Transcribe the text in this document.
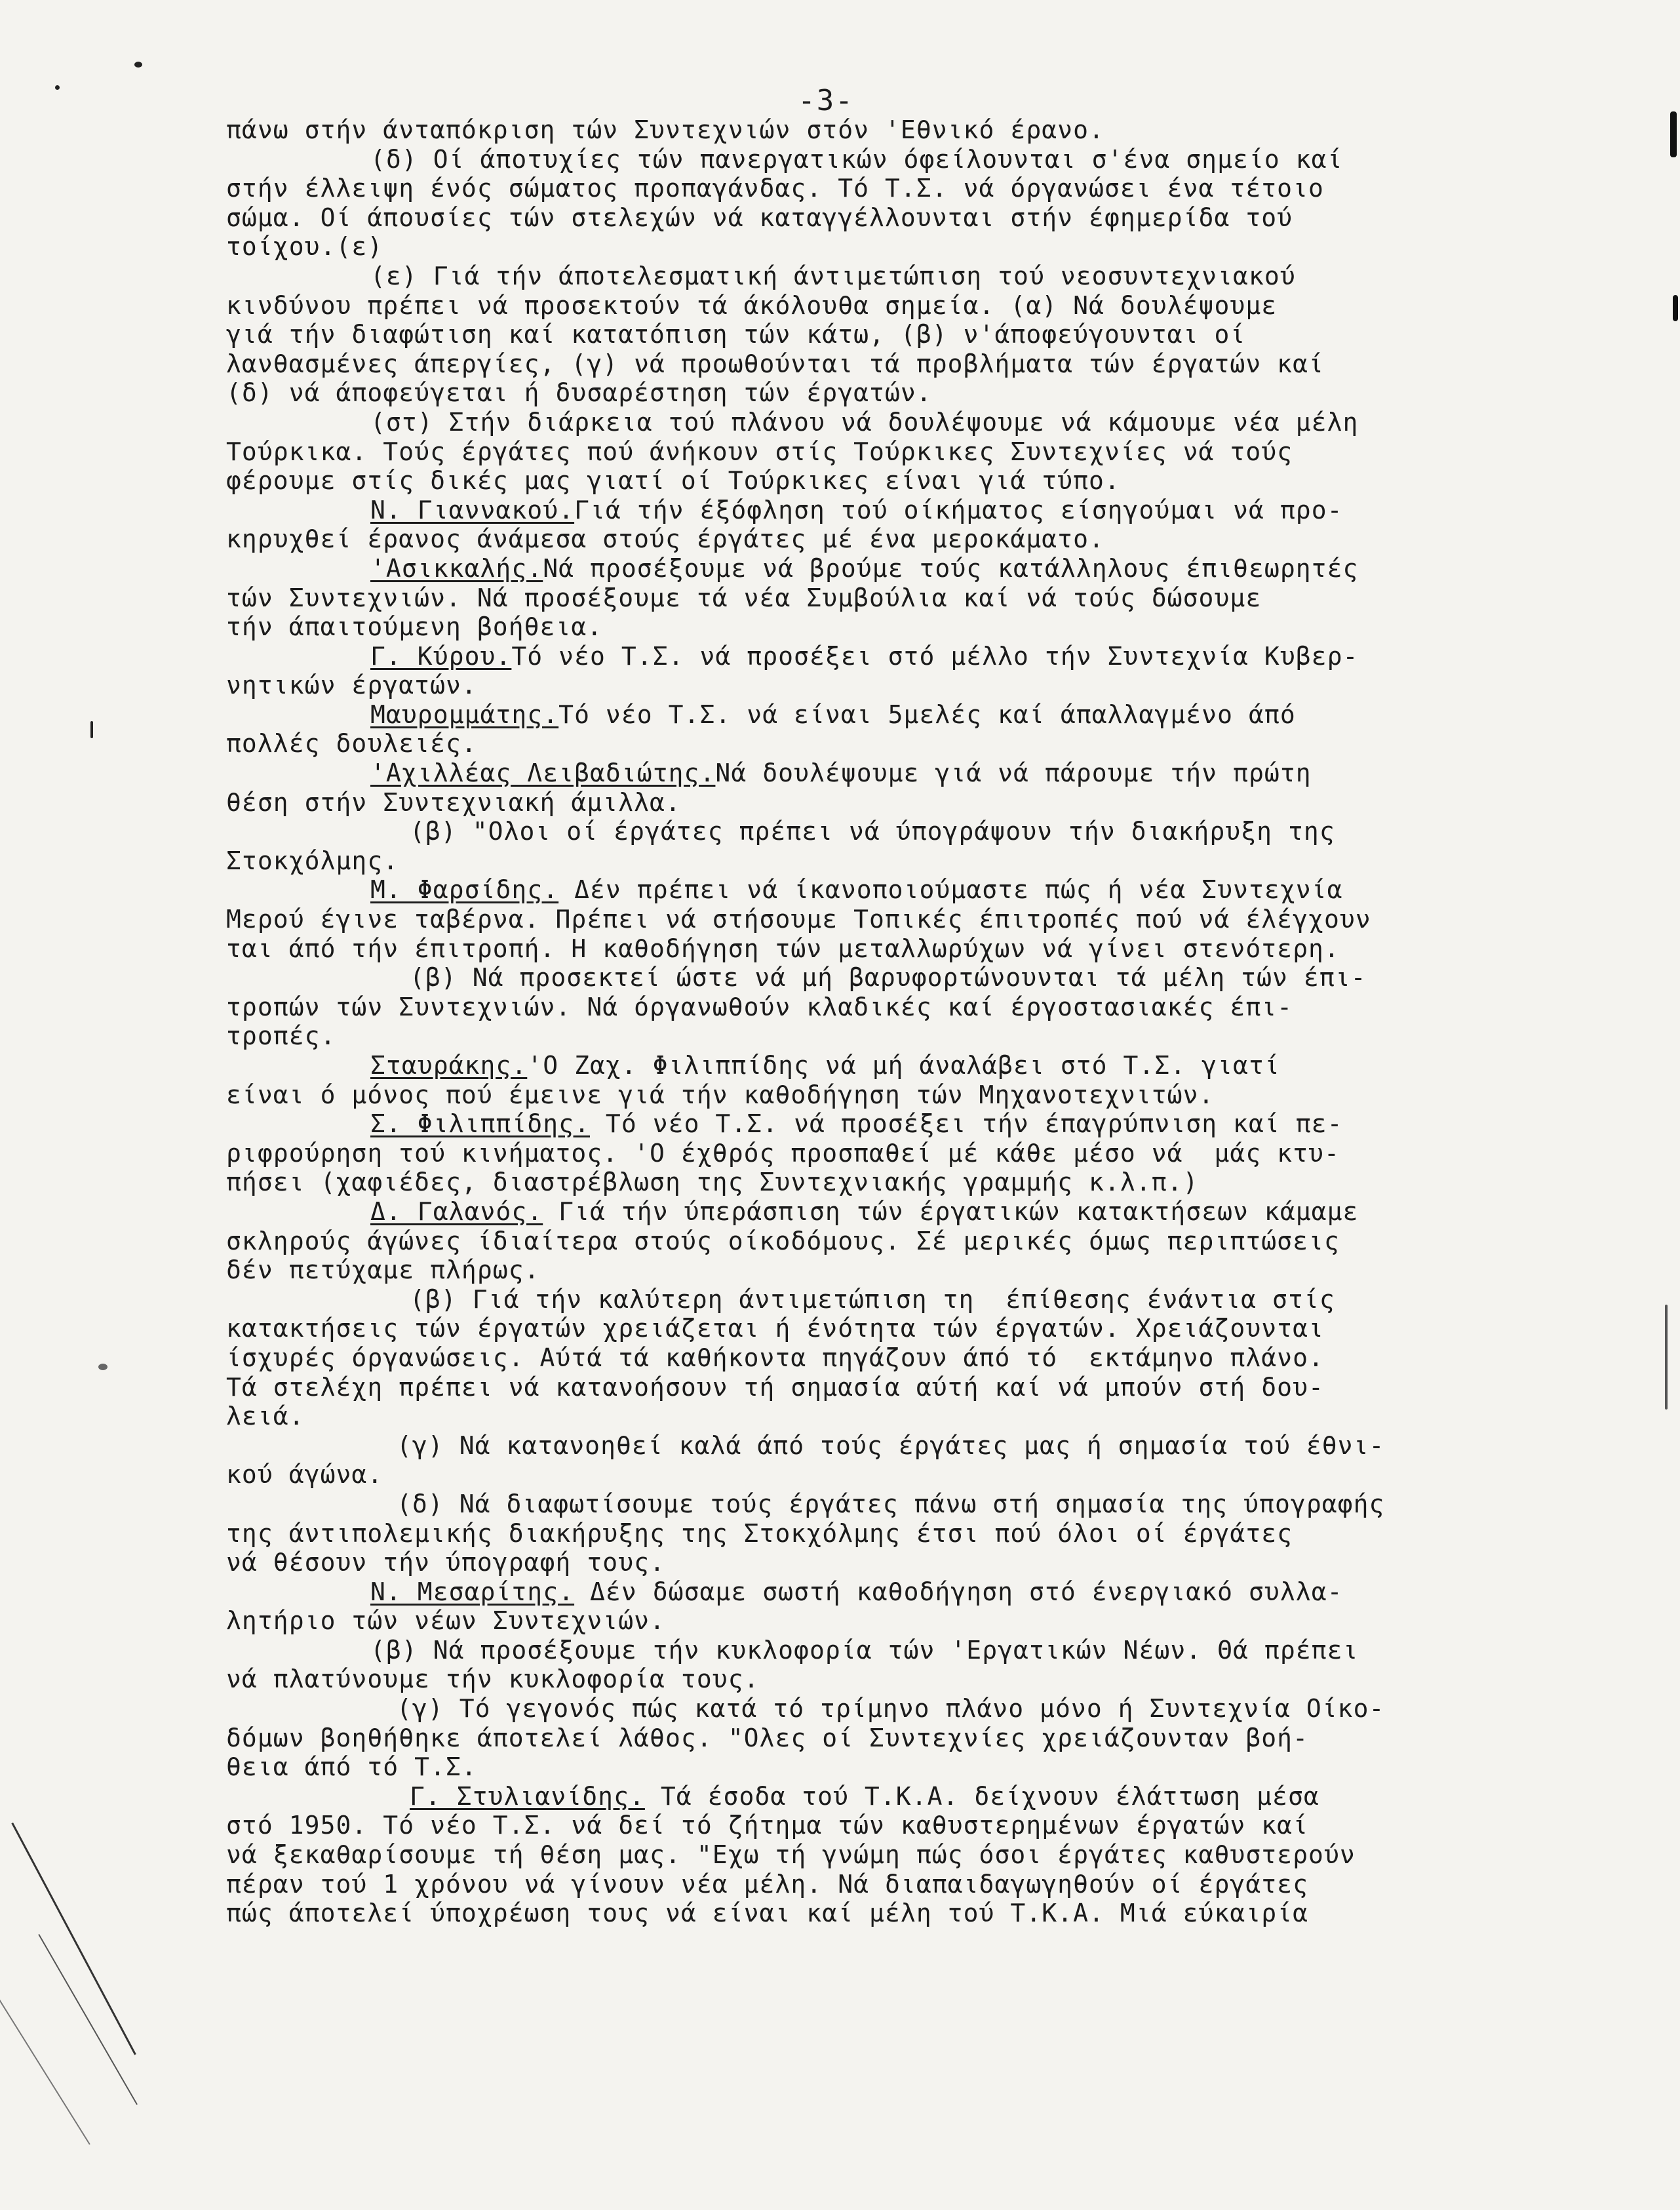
-3-
πάνω στήν άνταπόκριση τών Συντεχνιών στόν 'Εθνικό έρανο.
(δ) Οί άποτυχίες τών πανεργατικών όφείλουνται σ'ένα σημείο καί
στήν έλλειψη ένός σώματος προπαγάνδας. Τό Τ.Σ. νά όργανώσει ένα τέτοιο
σώμα. Οί άπουσίες τών στελεχών νά καταγγέλλουνται στήν έφημερίδα τού
τοίχου.(ε)
(ε) Γιά τήν άποτελεσματική άντιμετώπιση τού νεοσυντεχνιακού
κινδύνου πρέπει νά προσεκτούν τά άκόλουθα σημεία. (α) Νά δουλέψουμε
γιά τήν διαφώτιση καί κατατόπιση τών κάτω, (β) ν'άποφεύγουνται οί
λανθασμένες άπεργίες, (γ) νά προωθούνται τά προβλήματα τών έργατών καί
(δ) νά άποφεύγεται ή δυσαρέστηση τών έργατών.
(στ) Στήν διάρκεια τού πλάνου νά δουλέψουμε νά κάμουμε νέα μέλη
Τούρκικα. Τούς έργάτες πού άνήκουν στίς Τούρκικες Συντεχνίες νά τούς
φέρουμε στίς δικές μας γιατί οί Τούρκικες είναι γιά τύπο.
Ν. Γιαννακού.Γιά τήν έξόφληση τού οίκήματος είσηγούμαι νά προ-
κηρυχθεί έρανος άνάμεσα στούς έργάτες μέ ένα μεροκάματο.
'Ασικκαλής.Νά προσέξουμε νά βρούμε τούς κατάλληλους έπιθεωρητές
τών Συντεχνιών. Νά προσέξουμε τά νέα Συμβούλια καί νά τούς δώσουμε
τήν άπαιτούμενη βοήθεια.
Γ. Κύρου.Τό νέο Τ.Σ. νά προσέξει στό μέλλο τήν Συντεχνία Κυβερ-
νητικών έργατών.
Μαυρομμάτης.Τό νέο Τ.Σ. νά είναι 5μελές καί άπαλλαγμένο άπό
πολλές δουλειές.
'Αχιλλέας Λειβαδιώτης.Νά δουλέψουμε γιά νά πάρουμε τήν πρώτη
θέση στήν Συντεχνιακή άμιλλα.
(β) "Ολοι οί έργάτες πρέπει νά ύπογράψουν τήν διακήρυξη της
Στοκχόλμης.
Μ. Φαρσίδης. Δέν πρέπει νά ίκανοποιούμαστε πώς ή νέα Συντεχνία
Μερού έγινε ταβέρνα. Πρέπει νά στήσουμε Τοπικές έπιτροπές πού νά έλέγχουν
ται άπό τήν έπιτροπή. Η καθοδήγηση τών μεταλλωρύχων νά γίνει στενότερη.
(β) Νά προσεκτεί ώστε νά μή βαρυφορτώνουνται τά μέλη τών έπι-
τροπών τών Συντεχνιών. Νά όργανωθούν κλαδικές καί έργοστασιακές έπι-
τροπές.
Σταυράκης.'Ο Ζαχ. Φιλιππίδης νά μή άναλάβει στό Τ.Σ. γιατί
είναι ό μόνος πού έμεινε γιά τήν καθοδήγηση τών Μηχανοτεχνιτών.
Σ. Φιλιππίδης. Τό νέο Τ.Σ. νά προσέξει τήν έπαγρύπνιση καί πε-
ριφρούρηση τού κινήματος. 'Ο έχθρός προσπαθεί μέ κάθε μέσο νά  μάς κτυ-
πήσει (χαφιέδες, διαστρέβλωση της Συντεχνιακής γραμμής κ.λ.π.)
Δ. Γαλανός. Γιά τήν ύπεράσπιση τών έργατικών κατακτήσεων κάμαμε
σκληρούς άγώνες ίδιαίτερα στούς οίκοδόμους. Σέ μερικές όμως περιπτώσεις
δέν πετύχαμε πλήρως.
(β) Γιά τήν καλύτερη άντιμετώπιση τη  έπίθεσης ένάντια στίς
κατακτήσεις τών έργατών χρειάζεται ή ένότητα τών έργατών. Χρειάζουνται
ίσχυρές όργανώσεις. Αύτά τά καθήκοντα πηγάζουν άπό τό  εκτάμηνο πλάνο.
Τά στελέχη πρέπει νά κατανοήσουν τή σημασία αύτή καί νά μπούν στή δου-
λειά.
(γ) Νά κατανοηθεί καλά άπό τούς έργάτες μας ή σημασία τού έθνι-
κού άγώνα.
(δ) Νά διαφωτίσουμε τούς έργάτες πάνω στή σημασία της ύπογραφής
της άντιπολεμικής διακήρυξης της Στοκχόλμης έτσι πού όλοι οί έργάτες
νά θέσουν τήν ύπογραφή τους.
Ν. Μεσαρίτης. Δέν δώσαμε σωστή καθοδήγηση στό ένεργιακό συλλα-
λητήριο τών νέων Συντεχνιών.
(β) Νά προσέξουμε τήν κυκλοφορία τών 'Εργατικών Νέων. Θά πρέπει
νά πλατύνουμε τήν κυκλοφορία τους.
(γ) Τό γεγονός πώς κατά τό τρίμηνο πλάνο μόνο ή Συντεχνία Οίκο-
δόμων βοηθήθηκε άποτελεί λάθος. "Ολες οί Συντεχνίες χρειάζουνταν βοή-
θεια άπό τό Τ.Σ.
Γ. Στυλιανίδης. Τά έσοδα τού Τ.Κ.Α. δείχνουν έλάττωση μέσα
στό 1950. Τό νέο Τ.Σ. νά δεί τό ζήτημα τών καθυστερημένων έργατών καί
νά ξεκαθαρίσουμε τή θέση μας. "Εχω τή γνώμη πώς όσοι έργάτες καθυστερούν
πέραν τού 1 χρόνου νά γίνουν νέα μέλη. Νά διαπαιδαγωγηθούν οί έργάτες
πώς άποτελεί ύποχρέωση τους νά είναι καί μέλη τού Τ.Κ.Α. Μιά εύκαιρία
